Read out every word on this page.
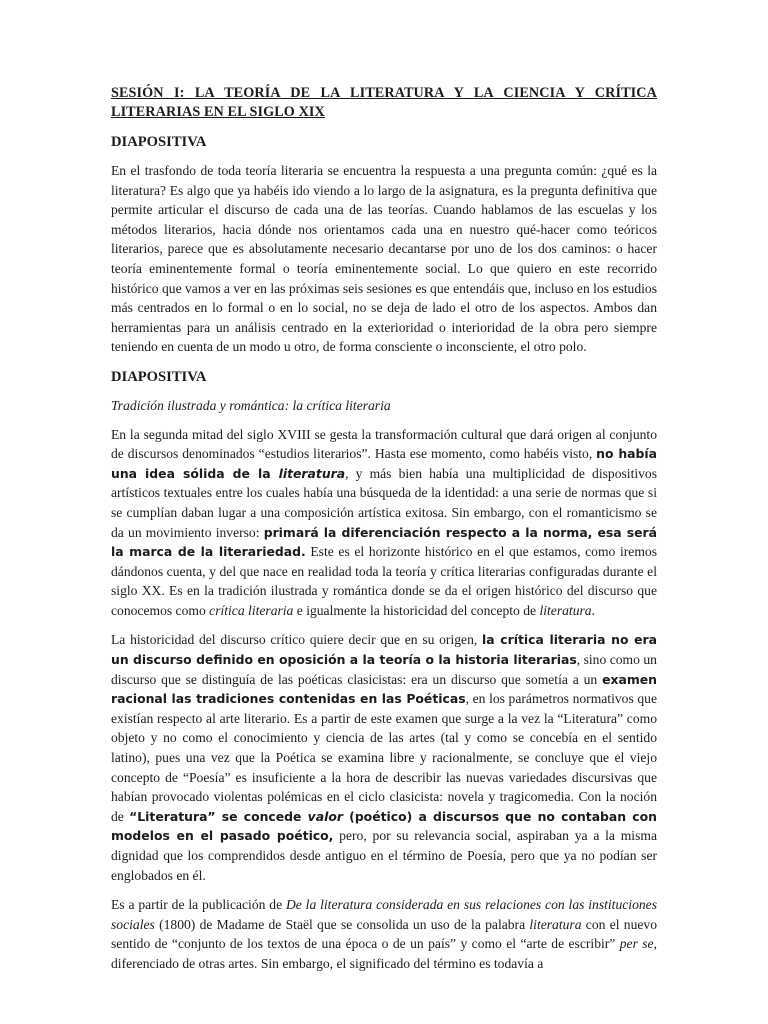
SESIÓN I: LA TEORÍA DE LA LITERATURA Y LA CIENCIA Y CRÍTICA LITERARIAS EN EL SIGLO XIX
DIAPOSITIVA

En el trasfondo de toda teoría literaria se encuentra la respuesta a una pregunta común: ¿qué es la literatura? Es algo que ya habéis ido viendo a lo largo de la asignatura, es la pregunta definitiva que permite articular el discurso de cada una de las teorías. Cuando hablamos de las escuelas y los métodos literarios, hacia dónde nos orientamos cada una en nuestro qué-hacer como teóricos literarios, parece que es absolutamente necesario decantarse por uno de los dos caminos: o hacer teoría eminentemente formal o teoría eminentemente social. Lo que quiero en este recorrido histórico que vamos a ver en las próximas seis sesiones es que entendáis que, incluso en los estudios más centrados en lo formal o en lo social, no se deja de lado el otro de los aspectos. Ambos dan herramientas para un análisis centrado en la exterioridad o interioridad de la obra pero siempre teniendo en cuenta de un modo u otro, de forma consciente o inconsciente, el otro polo.

DIAPOSITIVA

Tradición ilustrada y romántica: la crítica literaria

En la segunda mitad del siglo XVIII se gesta la transformación cultural que dará origen al conjunto de discursos denominados “estudios literarios”. Hasta ese momento, como habéis visto, no había una idea sólida de la literatura, y más bien había una multiplicidad de dispositivos artísticos textuales entre los cuales había una búsqueda de la identidad: a una serie de normas que si se cumplían daban lugar a una composición artística exitosa. Sin embargo, con el romanticismo se da un movimiento inverso: primará la diferenciación respecto a la norma, esa será la marca de la literariedad. Este es el horizonte histórico en el que estamos, como iremos dándonos cuenta, y del que nace en realidad toda la teoría y crítica literarias configuradas durante el siglo XX. Es en la tradición ilustrada y romántica donde se da el origen histórico del discurso que conocemos como crítica literaria e igualmente la historicidad del concepto de literatura.

La historicidad del discurso crítico quiere decir que en su origen, la crítica literaria no era un discurso definido en oposición a la teoría o la historia literarias, sino como un discurso que se distinguía de las poéticas clasicistas: era un discurso que sometía a un examen racional las tradiciones contenidas en las Poéticas, en los parámetros normativos que existían respecto al arte literario. Es a partir de este examen que surge a la vez la “Literatura” como objeto y no como el conocimiento y ciencia de las artes (tal y como se concebía en el sentido latino), pues una vez que la Poética se examina libre y racionalmente, se concluye que el viejo concepto de “Poesía” es insuficiente a la hora de describir las nuevas variedades discursivas que habían provocado violentas polémicas en el ciclo clasicista: novela y tragicomedia. Con la noción de “Literatura” se concede valor (poético) a discursos que no contaban con modelos en el pasado poético, pero, por su relevancia social, aspiraban ya a la misma dignidad que los comprendidos desde antiguo en el término de Poesía, pero que ya no podían ser englobados en él.

Es a partir de la publicación de De la literatura considerada en sus relaciones con las instituciones sociales (1800) de Madame de Staël que se consolida un uso de la palabra literatura con el nuevo sentido de “conjunto de los textos de una época o de un país” y como el “arte de escribir” per se, diferenciado de otras artes. Sin embargo, el significado del término es todavía a
